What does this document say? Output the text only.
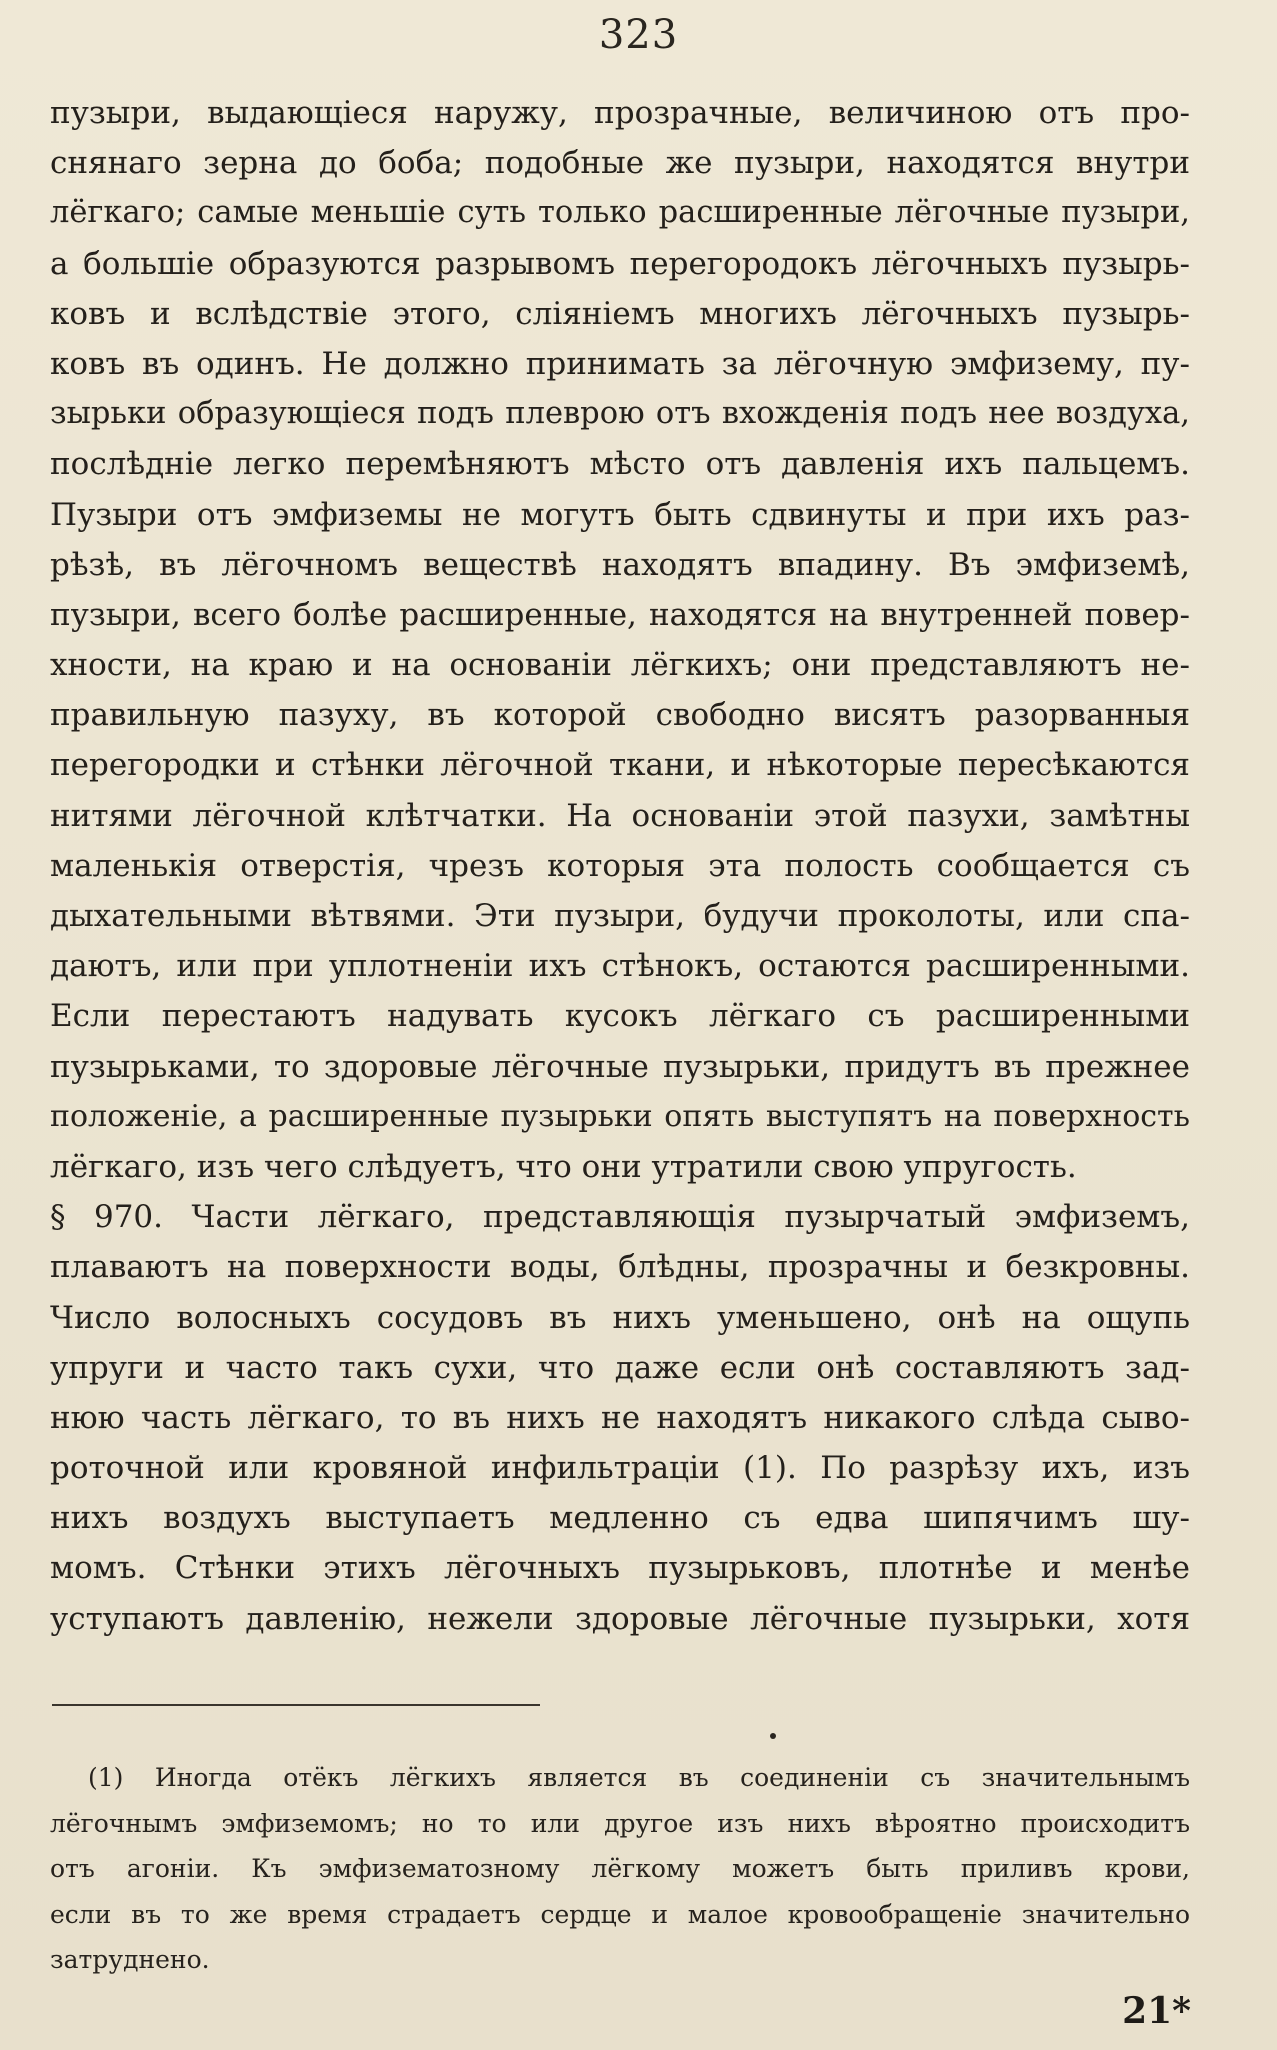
323
пузыри, выдающіеся наружу, прозрачные, величиною отъ про-
снянаго зерна до боба; подобные же пузыри, находятся внутри
лёгкаго; самые меньшіе суть только расширенные лёгочные пузыри,
а большіе образуются разрывомъ перегородокъ лёгочныхъ пузырь-
ковъ и вслѣдствіе этого, сліяніемъ многихъ лёгочныхъ пузырь-
ковъ въ одинъ. Не должно принимать за лёгочную эмфизему, пу-
зырьки образующіеся подъ плеврою отъ вхожденія подъ нее воздуха,
послѣдніе легко перемѣняютъ мѣсто отъ давленія ихъ пальцемъ.
Пузыри отъ эмфиземы не могутъ быть сдвинуты и при ихъ раз-
рѣзѣ, въ лёгочномъ веществѣ находятъ впадину. Въ эмфиземѣ,
пузыри, всего болѣе расширенные, находятся на внутренней повер-
хности, на краю и на основаніи лёгкихъ; они представляютъ не-
правильную пазуху, въ которой свободно висятъ разорванныя
перегородки и стѣнки лёгочной ткани, и нѣкоторые пересѣкаются
нитями лёгочной клѣтчатки. На основаніи этой пазухи, замѣтны
маленькія отверстія, чрезъ которыя эта полость сообщается съ
дыхательными вѣтвями. Эти пузыри, будучи проколоты, или спа-
даютъ, или при уплотненіи ихъ стѣнокъ, остаются расширенными.
Если перестаютъ надувать кусокъ лёгкаго съ расширенными
пузырьками, то здоровые лёгочные пузырьки, придутъ въ прежнее
положеніе, а расширенные пузырьки опять выступятъ на поверхность
лёгкаго, изъ чего слѣдуетъ, что они утратили свою упругость.
§ 970. Части лёгкаго, представляющія пузырчатый эмфиземъ,
плаваютъ на поверхности воды, блѣдны, прозрачны и безкровны.
Число волосныхъ сосудовъ въ нихъ уменьшено, онѣ на ощупь
упруги и часто такъ сухи, что даже если онѣ составляютъ зад-
нюю часть лёгкаго, то въ нихъ не находятъ никакого слѣда сыво-
роточной или кровяной инфильтраціи (1). По разрѣзу ихъ, изъ
нихъ воздухъ выступаетъ медленно съ едва шипячимъ шу-
момъ. Стѣнки этихъ лёгочныхъ пузырьковъ, плотнѣе и менѣе
уступаютъ давленію, нежели здоровые лёгочные пузырьки, хотя
(1) Иногда отёкъ лёгкихъ является въ соединеніи съ значительнымъ
лёгочнымъ эмфиземомъ; но то или другое изъ нихъ вѣроятно происходитъ
отъ агоніи. Къ эмфизематозному лёгкому можетъ быть приливъ крови,
если въ то же время страдаетъ сердце и малое кровообращеніе значительно
затруднено.
21*
